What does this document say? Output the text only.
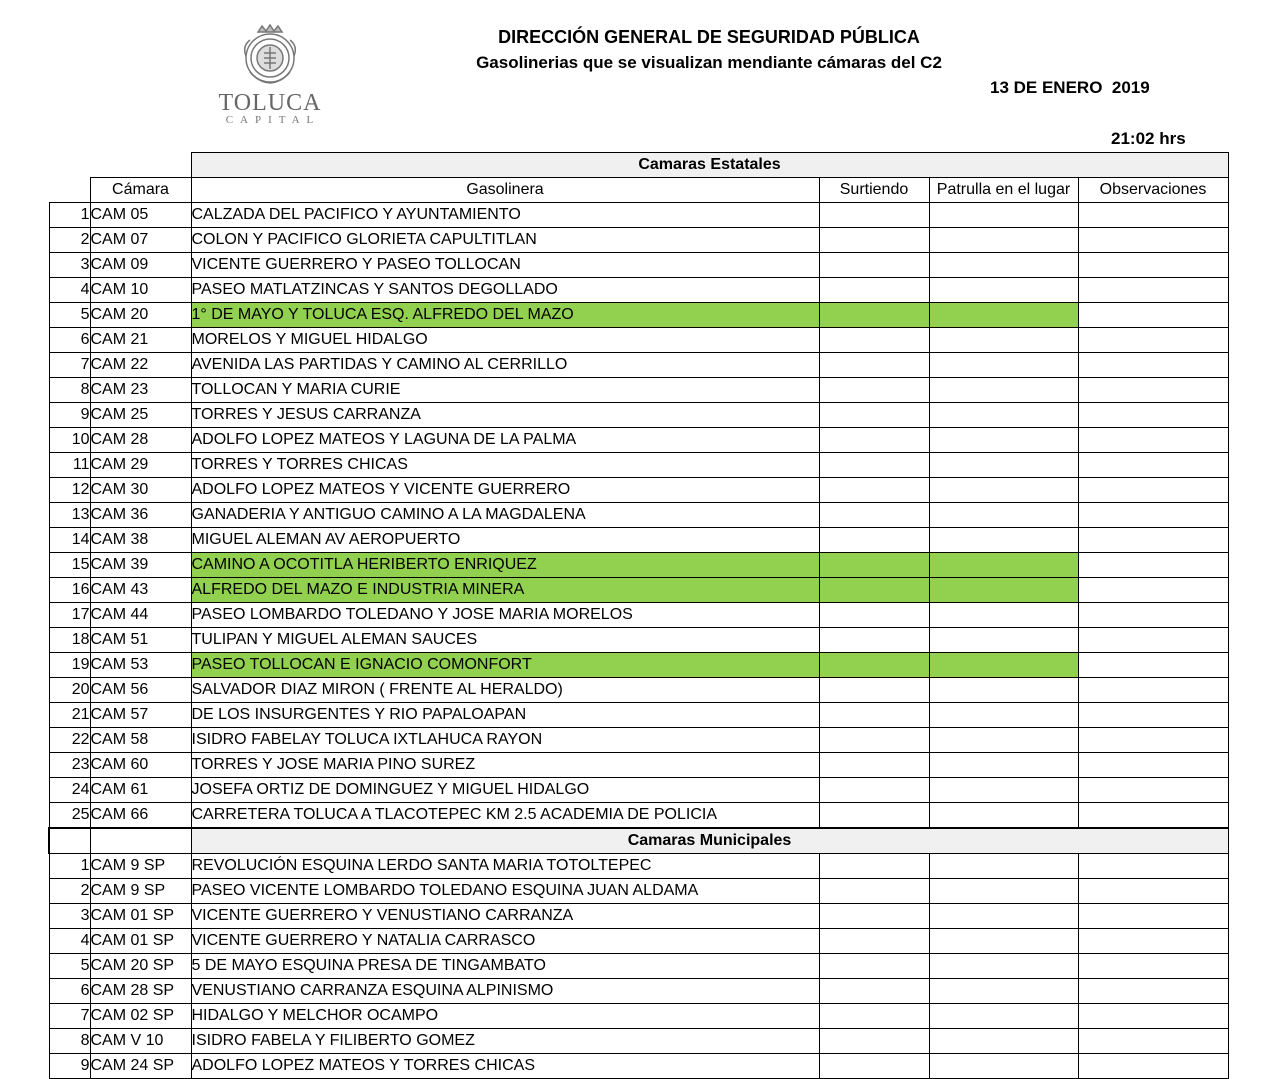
DIRECCIÓN GENERAL DE SEGURIDAD PÚBLICA
Gasolinerias que se visualizan mendiante cámaras del C2
13 DE ENERO  2019
21:02 hrs
TOLUCA
CAPITAL
		Camaras Estatales			
	Cámara	Gasolinera	Surtiendo	Patrulla en el lugar	Observaciones
1	CAM 05	CALZADA DEL PACIFICO Y AYUNTAMIENTO			
2	CAM 07	COLON Y PACIFICO GLORIETA CAPULTITLAN			
3	CAM 09	VICENTE GUERRERO Y PASEO TOLLOCAN			
4	CAM 10	PASEO MATLATZINCAS Y SANTOS DEGOLLADO			
5	CAM 20	1° DE MAYO Y TOLUCA ESQ. ALFREDO DEL MAZO			
6	CAM 21	MORELOS Y MIGUEL HIDALGO			
7	CAM 22	AVENIDA LAS PARTIDAS Y CAMINO AL CERRILLO			
8	CAM 23	TOLLOCAN Y MARIA CURIE			
9	CAM 25	TORRES Y JESUS CARRANZA			
10	CAM 28	ADOLFO LOPEZ MATEOS Y LAGUNA DE LA PALMA			
11	CAM 29	TORRES Y TORRES CHICAS			
12	CAM 30	ADOLFO LOPEZ MATEOS Y VICENTE GUERRERO			
13	CAM 36	GANADERIA Y ANTIGUO CAMINO A LA MAGDALENA			
14	CAM 38	MIGUEL ALEMAN AV AEROPUERTO			
15	CAM 39	CAMINO A OCOTITLA HERIBERTO ENRIQUEZ			
16	CAM 43	ALFREDO DEL MAZO E INDUSTRIA MINERA			
17	CAM 44	PASEO LOMBARDO TOLEDANO Y JOSE MARIA MORELOS			
18	CAM 51	TULIPAN Y MIGUEL ALEMAN SAUCES			
19	CAM 53	PASEO TOLLOCAN E IGNACIO COMONFORT			
20	CAM 56	SALVADOR DIAZ MIRON ( FRENTE AL HERALDO)			
21	CAM 57	DE LOS INSURGENTES Y RIO PAPALOAPAN			
22	CAM 58	ISIDRO FABELAY TOLUCA IXTLAHUCA RAYON			
23	CAM 60	TORRES Y JOSE MARIA PINO SUREZ			
24	CAM 61	JOSEFA ORTIZ DE DOMINGUEZ Y MIGUEL HIDALGO			
25	CAM 66	CARRETERA TOLUCA A TLACOTEPEC KM 2.5 ACADEMIA DE POLICIA			
		Camaras Municipales			
1	CAM 9 SP	REVOLUCIÓN ESQUINA LERDO SANTA MARIA TOTOLTEPEC			
2	CAM 9 SP	PASEO VICENTE LOMBARDO TOLEDANO ESQUINA JUAN ALDAMA			
3	CAM 01 SP	VICENTE GUERRERO Y VENUSTIANO CARRANZA			
4	CAM 01 SP	VICENTE GUERRERO Y NATALIA CARRASCO			
5	CAM 20 SP	5 DE MAYO ESQUINA PRESA DE TINGAMBATO			
6	CAM 28 SP	VENUSTIANO CARRANZA ESQUINA ALPINISMO			
7	CAM 02 SP	HIDALGO Y MELCHOR OCAMPO			
8	CAM V 10	ISIDRO FABELA Y FILIBERTO GOMEZ			
9	CAM 24 SP	ADOLFO LOPEZ MATEOS Y TORRES CHICAS			
